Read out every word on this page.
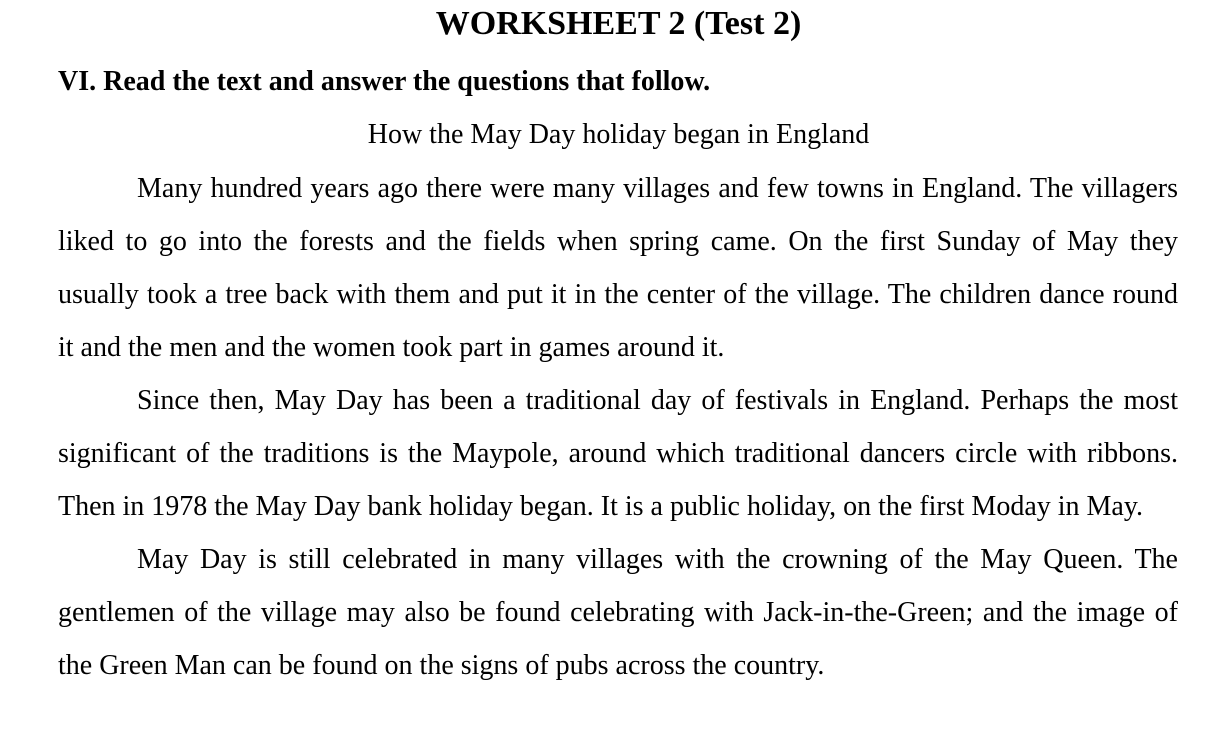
WORKSHEET 2 (Test 2)
VI. Read the text and answer the questions that follow.
How the May Day holiday began in England

Many hundred years ago there were many villages and few towns in England. The villagers liked to go into the forests and the fields when spring came. On the first Sunday of May they usually took a tree back with them and put it in the center of the village. The children dance round it and the men and the women took part in games around it.

Since then, May Day has been a traditional day of festivals in England. Perhaps the most significant of the traditions is the Maypole, around which traditional dancers circle with ribbons. Then in 1978 the May Day bank holiday began. It is a public holiday, on the first Moday in May.

May Day is still celebrated in many villages with the crowning of the May Queen. The gentlemen of the village may also be found celebrating with Jack-in-the-Green; and the image of the Green Man can be found on the signs of pubs across the country.
